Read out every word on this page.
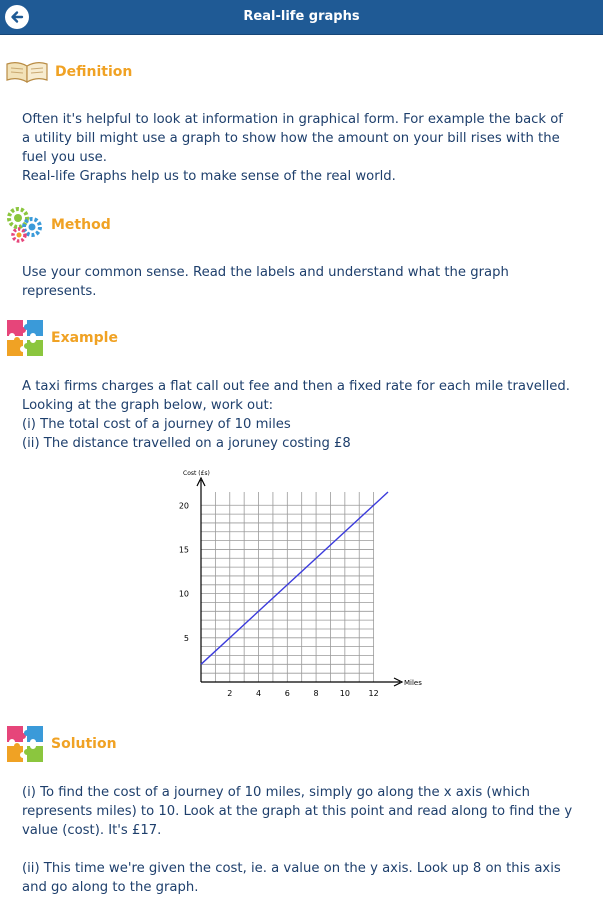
Real-life graphs
Definition

Often it's helpful to look at information in graphical form. For example the back of

a utility bill might use a graph to show how the amount on your bill rises with the

fuel you use.

Real-life Graphs help us to make sense of the real world.

Method

Use your common sense. Read the labels and understand what the graph

represents.

Example

A taxi firms charges a flat call out fee and then a fixed rate for each mile travelled.

Looking at the graph below, work out:

(i) The total cost of a journey of 10 miles

(ii) The distance travelled on a joruney costing £8

2	4	6	8	10 12
5
10
15
20
Miles
Cost (£s)
Solution

(i) To find the cost of a journey of 10 miles, simply go along the x axis (which

represents miles) to 10. Look at the graph at this point and read along to find the y

value (cost). It's £17.

(ii) This time we're given the cost, ie. a value on the y axis. Look up 8 on this axis

and go along to the graph.
